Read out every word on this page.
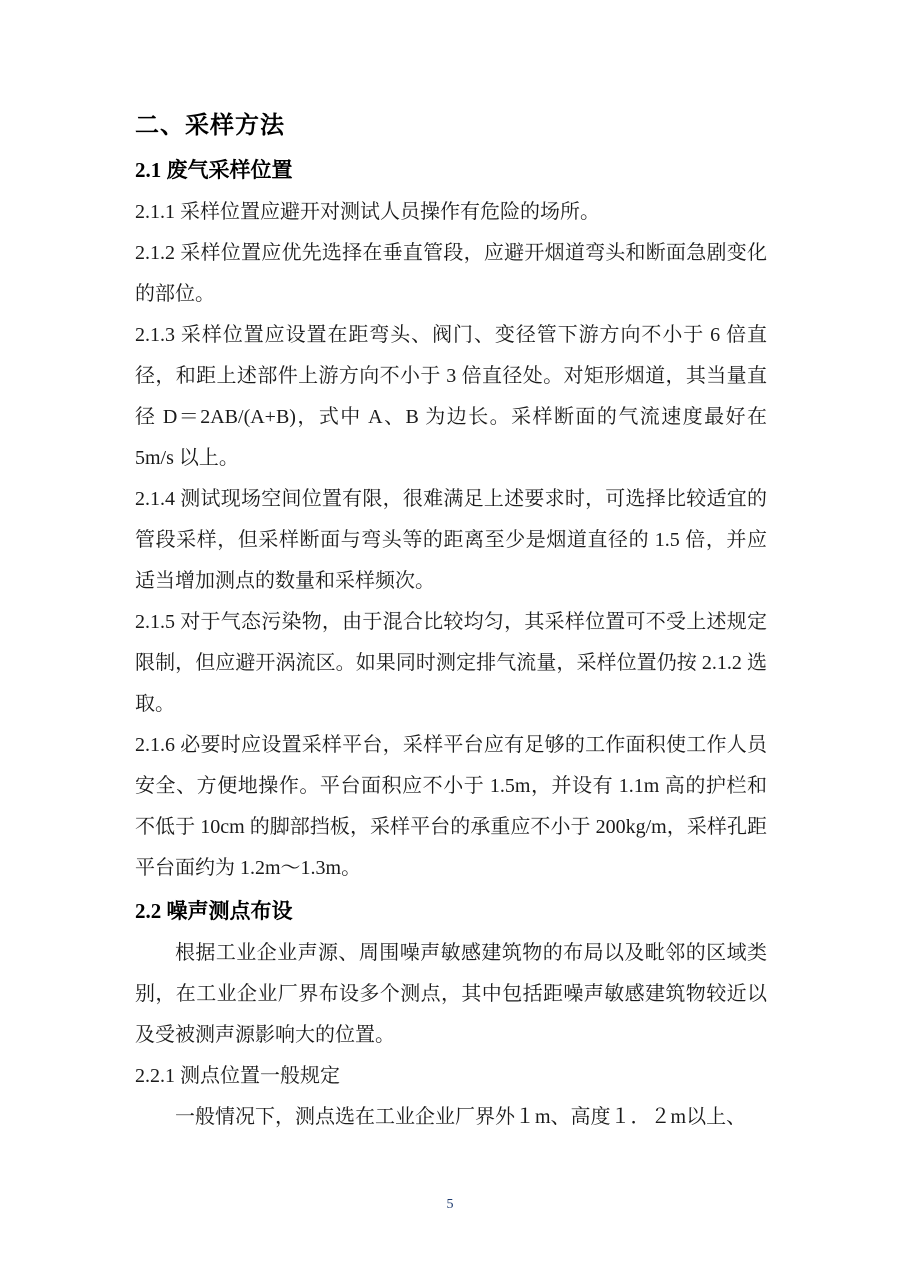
二、采样方法
2.1 废气采样位置

2.1.1 采样位置应避开对测试人员操作有危险的场所。

2.1.2 采样位置应优先选择在垂直管段，应避开烟道弯头和断面急剧变化的部位。

2.1.3 采样位置应设置在距弯头、阀门、变径管下游方向不小于 6 倍直径，和距上述部件上游方向不小于 3 倍直径处。对矩形烟道，其当量直径 D＝2AB/(A+B)，式中 A、B 为边长。采样断面的气流速度最好在 5m/s 以上。

2.1.4 测试现场空间位置有限，很难满足上述要求时，可选择比较适宜的管段采样，但采样断面与弯头等的距离至少是烟道直径的 1.5 倍，并应适当增加测点的数量和采样频次。

2.1.5 对于气态污染物，由于混合比较均匀，其采样位置可不受上述规定限制，但应避开涡流区。如果同时测定排气流量，采样位置仍按 2.1.2 选取。

2.1.6 必要时应设置采样平台，采样平台应有足够的工作面积使工作人员安全、方便地操作。平台面积应不小于 1.5m，并设有 1.1m 高的护栏和不低于 10cm 的脚部挡板，采样平台的承重应不小于 200kg/m，采样孔距平台面约为 1.2m～1.3m。

2.2 噪声测点布设

根据工业企业声源、周围噪声敏感建筑物的布局以及毗邻的区域类别，在工业企业厂界布设多个测点，其中包括距噪声敏感建筑物较近以及受被测声源影响大的位置。

2.2.1 测点位置一般规定

一般情况下，测点选在工业企业厂界外１m、高度１．２m以上、

5
